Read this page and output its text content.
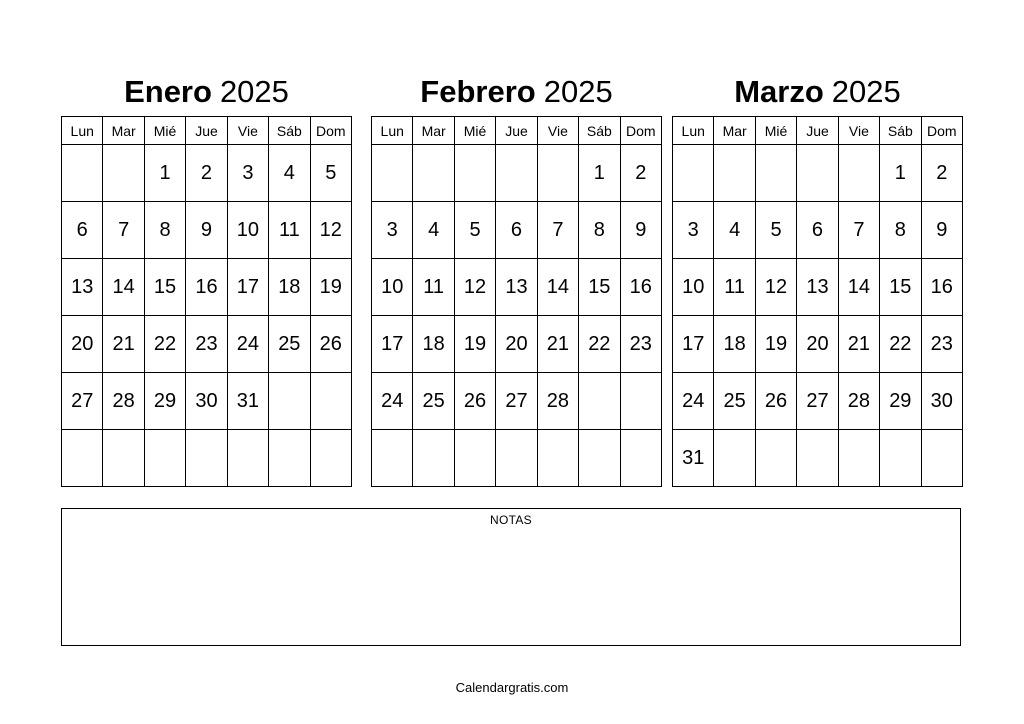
Enero 2025
Lun	Mar	Mié	Jue	Vie	Sáb	Dom
		1	2	3	4	5
6	7	8	9	10	11	12
13	14	15	16	17	18	19
20	21	22	23	24	25	26
27	28	29	30	31		

Febrero 2025
Lun	Mar	Mié	Jue	Vie	Sáb	Dom
					1	2
3	4	5	6	7	8	9
10	11	12	13	14	15	16
17	18	19	20	21	22	23
24	25	26	27	28		

Marzo 2025
Lun	Mar	Mié	Jue	Vie	Sáb	Dom
					1	2
3	4	5	6	7	8	9
10	11	12	13	14	15	16
17	18	19	20	21	22	23
24	25	26	27	28	29	30
31						
NOTAS
Calendargratis.com
